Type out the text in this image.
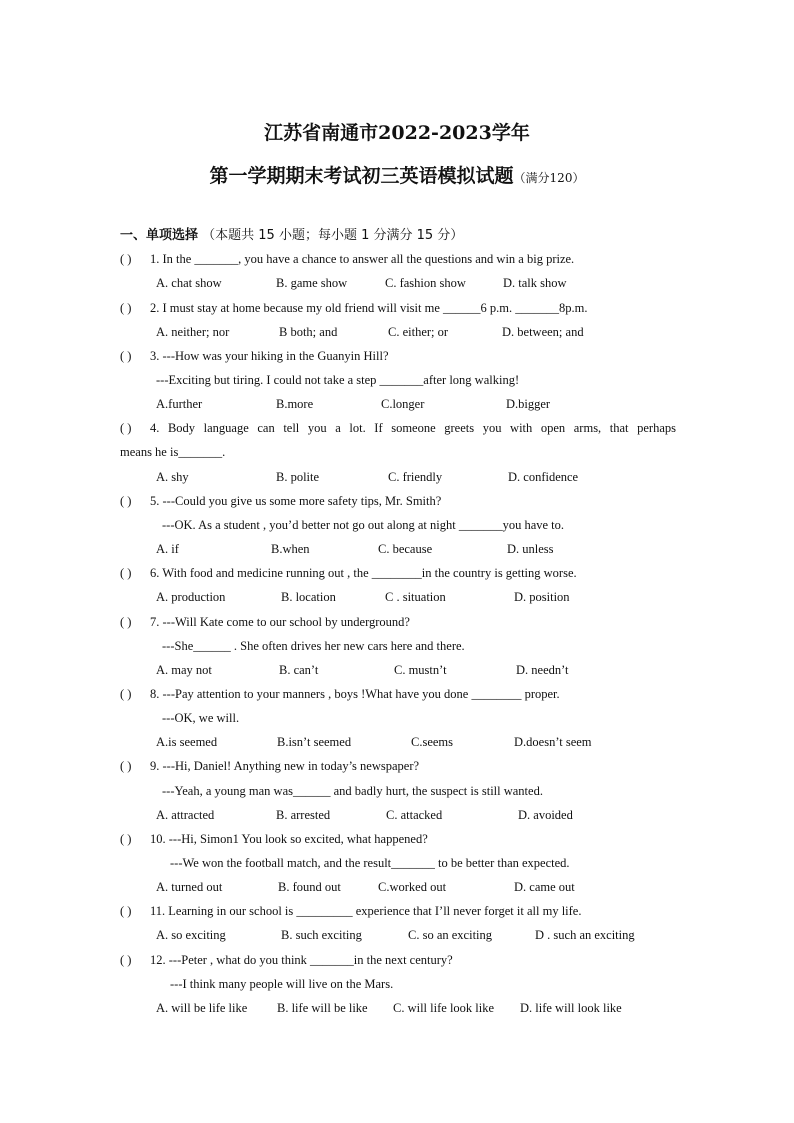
江苏省南通市2022-2023学年
第一学期期末考试初三英语模拟试题（满分120）
一、单项选择 （本题共 15 小题；每小题 1 分满分 15 分）
( ) 1. In the _______, you have a chance to answer all the questions and win a big prize.
A. chat show	B. game show	C. fashion show	D. talk show
( ) 2. I must stay at home because my old friend will visit me ______6 p.m. _______8p.m.
A. neither; nor	B both; and	C. either; or	D. between; and
( ) 3. ---How was your hiking in the Guanyin Hill?
---Exciting but tiring. I could not take a step _______after long walking!
A.further	B.more	C.longer	D.bigger
( ) 4. Body language can tell you a lot. If someone greets you with open arms, that perhaps
means he is_______.
A. shy	B. polite	C. friendly	D. confidence
( ) 5. ---Could you give us some more safety tips, Mr. Smith?
---OK. As a student , you’d better not go out along at night _______you have to.
A. if	B.when	C. because	D. unless
( ) 6. With food and medicine running out , the ________in the country is getting worse.
A. production	B. location	C . situation	D. position
( ) 7. ---Will Kate come to our school by underground?
---She______ . She often drives her new cars here and there.
A. may not	B. can’t	C. mustn’t	D. needn’t
( ) 8. ---Pay attention to your manners , boys !What have you done ________ proper.
---OK, we will.
A.is seemed	B.isn’t seemed	C.seems	D.doesn’t seem
( ) 9. ---Hi, Daniel! Anything new in today’s newspaper?
---Yeah, a young man was______ and badly hurt, the suspect is still wanted.
A. attracted	B. arrested	C. attacked	D. avoided
( ) 10. ---Hi, Simon1 You look so excited, what happened?
---We won the football match, and the result_______ to be better than expected.
A. turned out	B. found out	C.worked out	D. came out
( ) 11. Learning in our school is _________ experience that I’ll never forget it all my life.
A. so exciting	B. such exciting	C. so an exciting	D . such an exciting
( ) 12. ---Peter , what do you think _______in the next century?
---I think many people will live on the Mars.
A. will be life like B. life will be like C. will life look like D. life will look like
